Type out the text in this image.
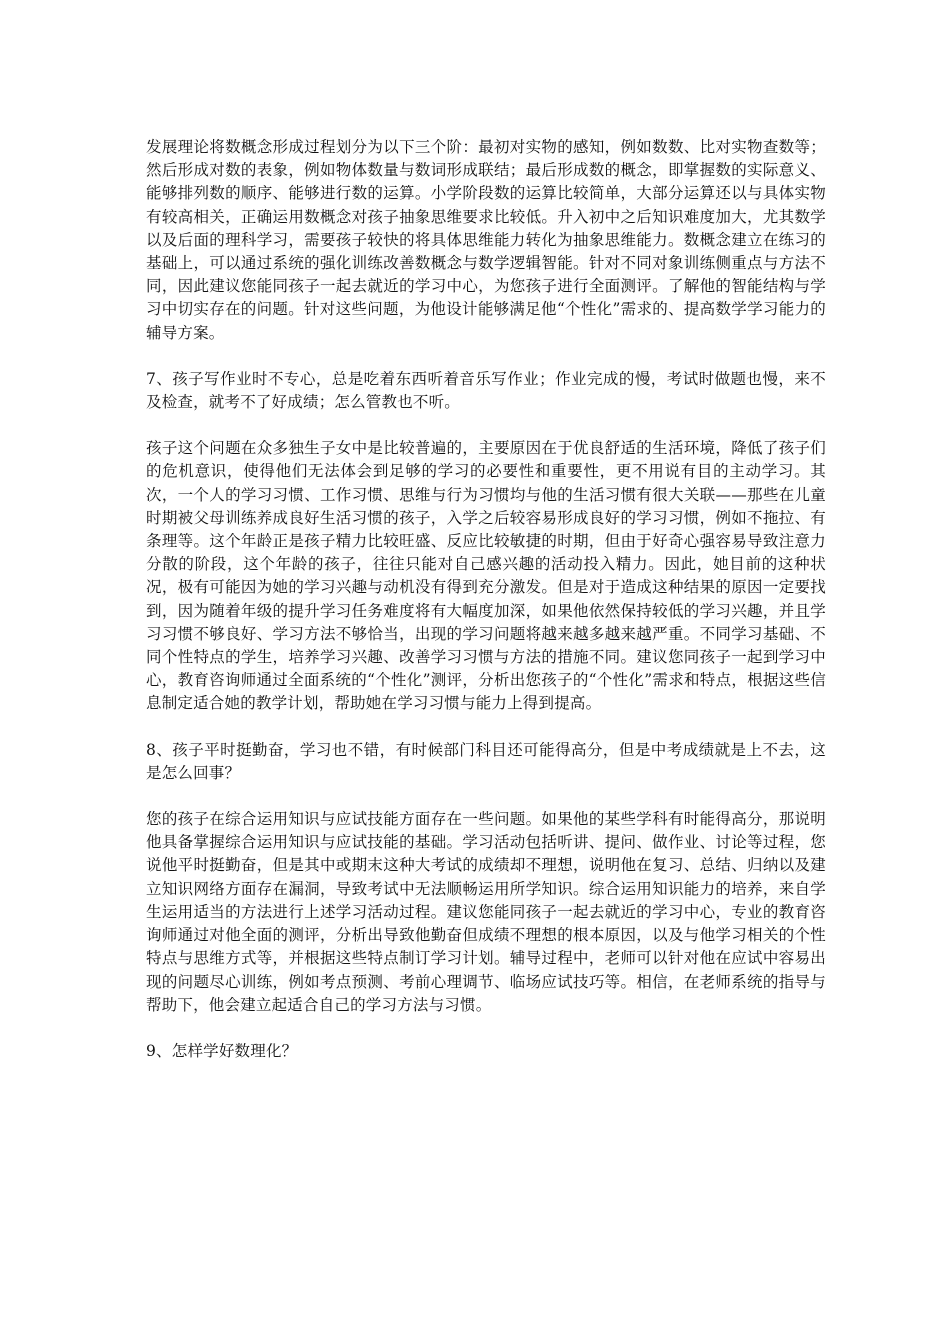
发展理论将数概念形成过程划分为以下三个阶：最初对实物的感知，例如数数、比对实物查数等；然后形成对数的表象，例如物体数量与数词形成联结；最后形成数的概念，即掌握数的实际意义、能够排列数的顺序、能够进行数的运算。小学阶段数的运算比较简单，大部分运算还以与具体实物有较高相关，正确运用数概念对孩子抽象思维要求比较低。升入初中之后知识难度加大，尤其数学以及后面的理科学习，需要孩子较快的将具体思维能力转化为抽象思维能力。数概念建立在练习的基础上，可以通过系统的强化训练改善数概念与数学逻辑智能。针对不同对象训练侧重点与方法不同，因此建议您能同孩子一起去就近的学习中心，为您孩子进行全面测评。了解他的智能结构与学习中切实存在的问题。针对这些问题，为他设计能够满足他“个性化”需求的、提高数学学习能力的辅导方案。

7、孩子写作业时不专心，总是吃着东西听着音乐写作业；作业完成的慢，考试时做题也慢，来不及检查，就考不了好成绩；怎么管教也不听。

孩子这个问题在众多独生子女中是比较普遍的，主要原因在于优良舒适的生活环境，降低了孩子们的危机意识，使得他们无法体会到足够的学习的必要性和重要性，更不用说有目的主动学习。其次，一个人的学习习惯、工作习惯、思维与行为习惯均与他的生活习惯有很大关联——那些在儿童时期被父母训练养成良好生活习惯的孩子，入学之后较容易形成良好的学习习惯，例如不拖拉、有条理等。这个年龄正是孩子精力比较旺盛、反应比较敏捷的时期，但由于好奇心强容易导致注意力分散的阶段，这个年龄的孩子，往往只能对自己感兴趣的活动投入精力。因此，她目前的这种状况，极有可能因为她的学习兴趣与动机没有得到充分激发。但是对于造成这种结果的原因一定要找到，因为随着年级的提升学习任务难度将有大幅度加深，如果他依然保持较低的学习兴趣，并且学习习惯不够良好、学习方法不够恰当，出现的学习问题将越来越多越来越严重。不同学习基础、不同个性特点的学生，培养学习兴趣、改善学习习惯与方法的措施不同。建议您同孩子一起到学习中心，教育咨询师通过全面系统的“个性化”测评，分析出您孩子的“个性化”需求和特点，根据这些信息制定适合她的教学计划，帮助她在学习习惯与能力上得到提高。

8、孩子平时挺勤奋，学习也不错，有时候部门科目还可能得高分，但是中考成绩就是上不去，这是怎么回事？

您的孩子在综合运用知识与应试技能方面存在一些问题。如果他的某些学科有时能得高分，那说明他具备掌握综合运用知识与应试技能的基础。学习活动包括听讲、提问、做作业、讨论等过程，您说他平时挺勤奋，但是其中或期末这种大考试的成绩却不理想，说明他在复习、总结、归纳以及建立知识网络方面存在漏洞，导致考试中无法顺畅运用所学知识。综合运用知识能力的培养，来自学生运用适当的方法进行上述学习活动过程。建议您能同孩子一起去就近的学习中心，专业的教育咨询师通过对他全面的测评，分析出导致他勤奋但成绩不理想的根本原因，以及与他学习相关的个性特点与思维方式等，并根据这些特点制订学习计划。辅导过程中，老师可以针对他在应试中容易出现的问题尽心训练，例如考点预测、考前心理调节、临场应试技巧等。相信，在老师系统的指导与帮助下，他会建立起适合自己的学习方法与习惯。

9、怎样学好数理化？
